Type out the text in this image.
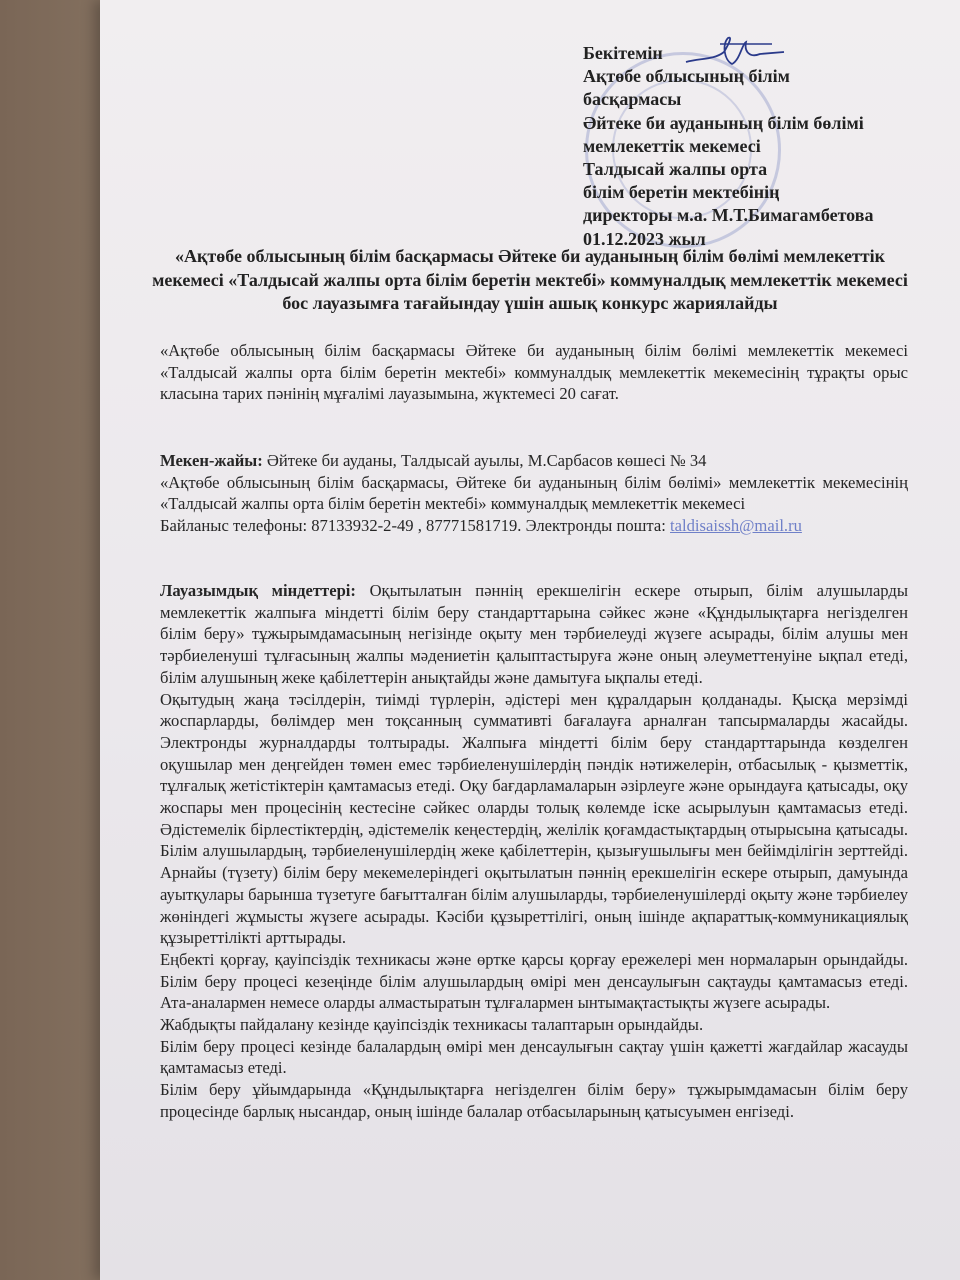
Бекітемін
Ақтөбе облысының білім
басқармасы
Әйтеке би ауданының білім бөлімі
мемлекеттік мекемесі
Талдысай жалпы орта
білім беретін мектебінің
директоры м.а. М.Т.Бимагамбетова
01.12.2023 жыл
«Ақтөбе облысының білім басқармасы Әйтеке би ауданының білім бөлімі мемлекеттік мекемесі «Талдысай жалпы орта білім беретін мектебі» коммуналдық мемлекеттік мекемесі бос лауазымға тағайындау үшін ашық конкурс жариялайды
«Ақтөбе облысының білім басқармасы Әйтеке би ауданының білім бөлімі мемлекеттік мекемесі «Талдысай жалпы орта білім беретін мектебі» коммуналдық мемлекеттік мекемесінің тұрақты орыс класына тарих пәнінің мұғалімі лауазымына, жүктемесі 20 сағат.
Мекен-жайы: Әйтеке би ауданы, Талдысай ауылы, М.Сарбасов көшесі № 34
«Ақтөбе облысының білім басқармасы, Әйтеке би ауданының білім бөлімі» мемлекеттік мекемесінің «Талдысай жалпы орта білім беретін мектебі» коммуналдық мемлекеттік мекемесі
Байланыс телефоны: 87133932-2-49 , 87771581719. Электронды пошта: taldisaissh@mail.ru
Лауазымдық міндеттері: Оқытылатын пәннің ерекшелігін ескере отырып, білім алушыларды мемлекеттік жалпыға міндетті білім беру стандарттарына сәйкес және «Құндылықтарға негізделген білім беру» тұжырымдамасының негізінде оқыту мен тәрбиелеуді жүзеге асырады, білім алушы мен тәрбиеленуші тұлғасының жалпы мәдениетін қалыптастыруға және оның әлеуметтенуіне ықпал етеді, білім алушының жеке қабілеттерін анықтайды және дамытуға ықпалы етеді.
Оқытудың жаңа тәсілдерін, тиімді түрлерін, әдістері мен құралдарын қолданады. Қысқа мерзімді жоспарларды, бөлімдер мен тоқсанның суммативті бағалауға арналған тапсырмаларды жасайды. Электронды журналдарды толтырады. Жалпыға міндетті білім беру стандарттарында көзделген оқушылар мен деңгейден төмен емес тәрбиеленушілердің пәндік нәтижелерін, отбасылық - қызметтік, тұлғалық жетістіктерін қамтамасыз етеді. Оқу бағдарламаларын әзірлеуге және орындауға қатысады, оқу жоспары мен процесінің кестесіне сәйкес оларды толық көлемде іске асырылуын қамтамасыз етеді. Әдістемелік бірлестіктердің, әдістемелік кеңестердің, желілік қоғамдастықтардың отырысына қатысады. Білім алушылардың, тәрбиеленушілердің жеке қабілеттерін, қызығушылығы мен бейімділігін зерттейді. Арнайы (түзету) білім беру мекемелеріндегі оқытылатын пәннің ерекшелігін ескере отырып, дамуында ауытқулары барынша түзетуге бағытталған білім алушыларды, тәрбиеленушілерді оқыту және тәрбиелеу жөніндегі жұмысты жүзеге асырады. Кәсіби құзыреттілігі, оның ішінде ақпараттық-коммуникациялық құзыреттілікті арттырады.
Еңбекті қорғау, қауіпсіздік техникасы және өртке қарсы қорғау ережелері мен нормаларын орындайды. Білім беру процесі кезеңінде білім алушылардың өмірі мен денсаулығын сақтауды қамтамасыз етеді. Ата-аналармен немесе оларды алмастыратын тұлғалармен ынтымақтастықты жүзеге асырады.
Жабдықты пайдалану кезінде қауіпсіздік техникасы талаптарын орындайды.
Білім беру процесі кезінде балалардың өмірі мен денсаулығын сақтау үшін қажетті жағдайлар жасауды қамтамасыз етеді.
Білім беру ұйымдарында «Құндылықтарға негізделген білім беру» тұжырымдамасын білім беру процесінде барлық нысандар, оның ішінде балалар отбасыларының қатысуымен енгізеді.
